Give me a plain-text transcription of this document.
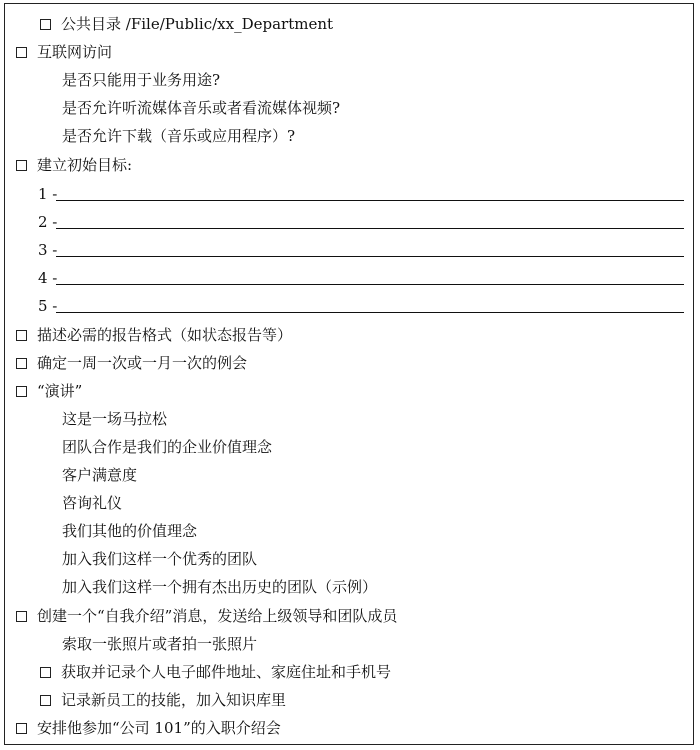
公共目录 /File/Public/xx_Department
互联网访问
是否只能用于业务用途?
是否允许听流媒体音乐或者看流媒体视频?
是否允许下载（音乐或应用程序）?
建立初始目标:
1 -
2 -
3 -
4 -
5 -
描述必需的报告格式（如状态报告等）
确定一周一次或一月一次的例会
“演讲”
这是一场马拉松
团队合作是我们的企业价值理念
客户满意度
咨询礼仪
我们其他的价值理念
加入我们这样一个优秀的团队
加入我们这样一个拥有杰出历史的团队（示例）
创建一个“自我介绍”消息，发送给上级领导和团队成员
索取一张照片或者拍一张照片
获取并记录个人电子邮件地址、家庭住址和手机号
记录新员工的技能，加入知识库里
安排他参加“公司 101”的入职介绍会
